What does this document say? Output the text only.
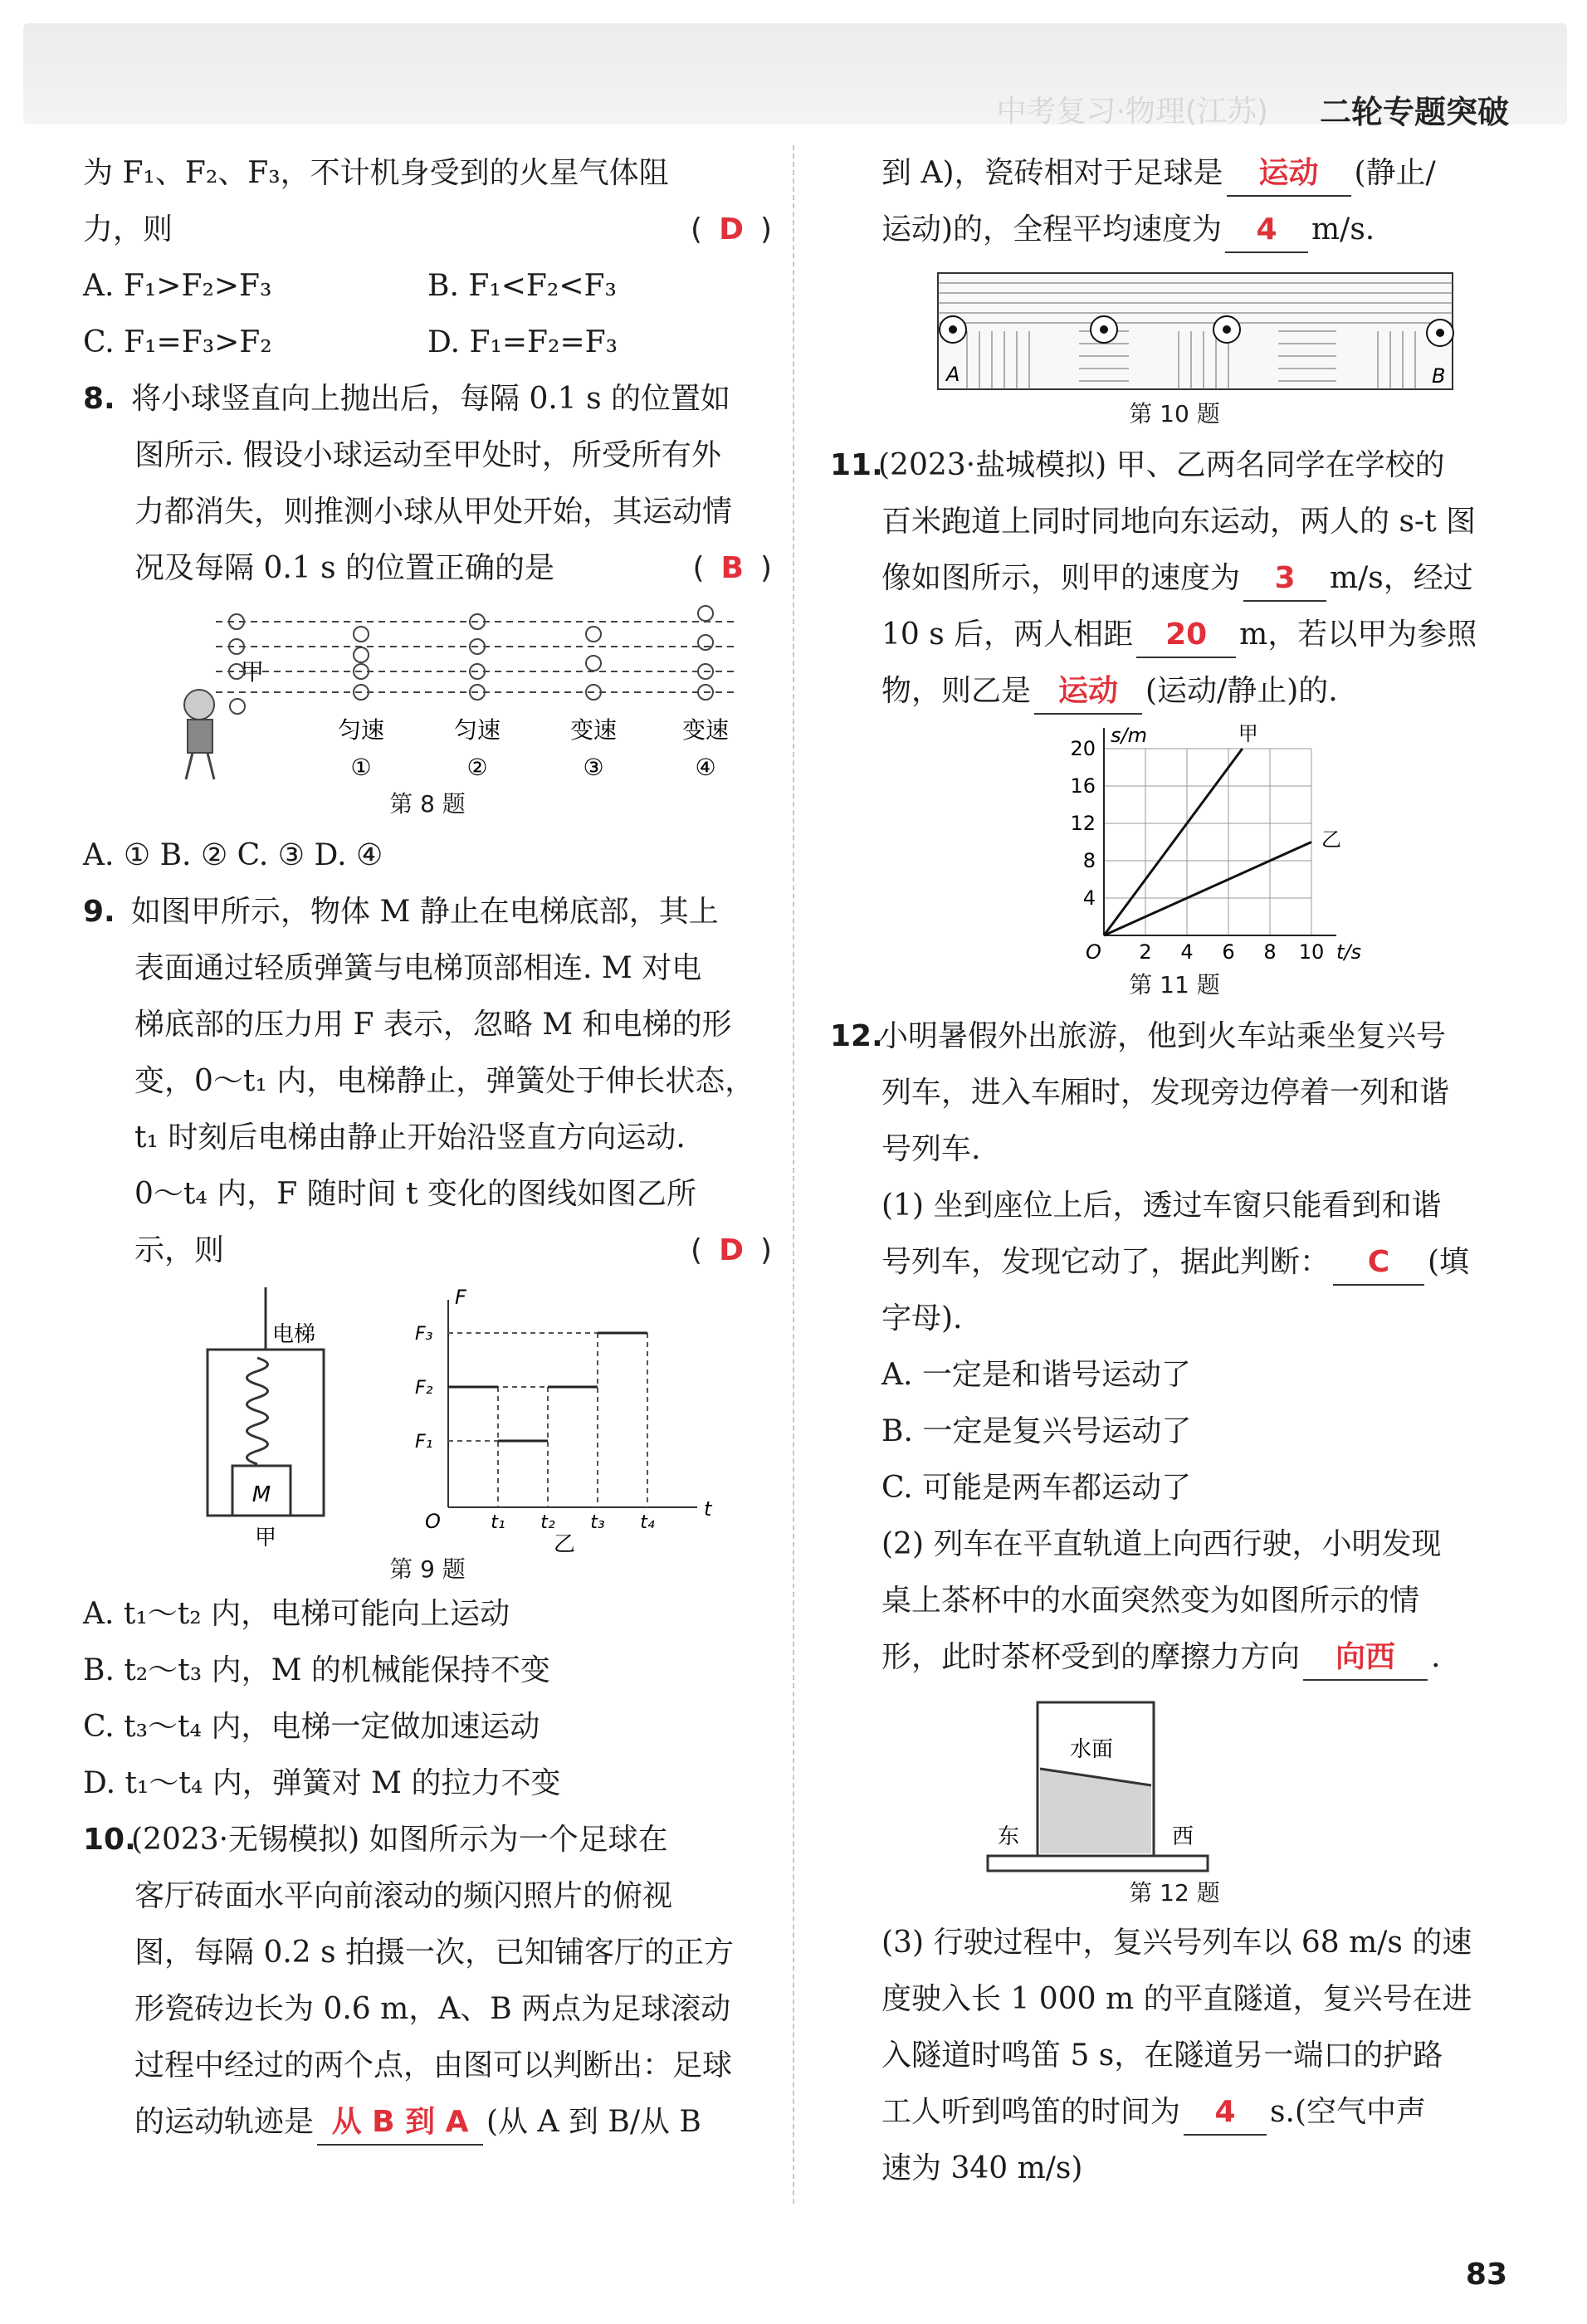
中考复习·物理(江苏) 二轮专题突破

为 F₁、F₂、F₃，不计机身受到的火星气体阻

力，则	( D )

A. F₁>F₂>F₃	B. F₁<F₂<F₃
C. F₁=F₃>F₂	D. F₁=F₂=F₃

8. 将小球竖直向上抛出后，每隔 0.1 s 的位置如

图所示. 假设小球运动至甲处时，所受所有外

力都消失，则推测小球从甲处开始，其运动情

况及每隔 0.1 s 的位置正确的是	( B )

甲
匀速	匀速	变速	变速
①	②	③	④
第 8 题

A. ① B. ② C. ③ D. ④

9. 如图甲所示，物体 M 静止在电梯底部，其上

表面通过轻质弹簧与电梯顶部相连. M 对电

梯底部的压力用 F 表示，忽略 M 和电梯的形

变，0～t₁ 内，电梯静止，弹簧处于伸长状态，

t₁ 时刻后电梯由静止开始沿竖直方向运动.

0～t₄ 内，F 随时间 t 变化的图线如图乙所

示，则	( D )

电梯
M
甲
F
t
O
F₃
F₂
F₁
t₁ t₂ t₃ t₄
乙
第 9 题

A. t₁～t₂ 内，电梯可能向上运动

B. t₂～t₃ 内，M 的机械能保持不变

C. t₃～t₄ 内，电梯一定做加速运动

D. t₁～t₄ 内，弹簧对 M 的拉力不变

10.(2023·无锡模拟) 如图所示为一个足球在

客厅砖面水平向前滚动的频闪照片的俯视

图，每隔 0.2 s 拍摄一次，已知铺客厅的正方

形瓷砖边长为 0.6 m，A、B 两点为足球滚动

过程中经过的两个点，由图可以判断出：足球

的运动轨迹是 从 B 到 A (从 A 到 B/从 B

到 A)，瓷砖相对于足球是 运动 (静止/

运动)的，全程平均速度为 4 m/s.

A	B
第 10 题

11.(2023·盐城模拟) 甲、乙两名同学在学校的

百米跑道上同时同地向东运动，两人的 s-t 图

像如图所示，则甲的速度为 3 m/s，经过

10 s 后，两人相距 20 m，若以甲为参照

物，则乙是 运动 (运动/静止)的.

2 4 6 8 10
4
8
12
16
20
O
s/m
t/s
甲
乙
第 11 题

12.小明暑假外出旅游，他到火车站乘坐复兴号

列车，进入车厢时，发现旁边停着一列和谐

号列车.

(1) 坐到座位上后，透过车窗只能看到和谐

号列车，发现它动了，据此判断： C (填

字母).

A. 一定是和谐号运动了

B. 一定是复兴号运动了

C. 可能是两车都运动了

(2) 列车在平直轨道上向西行驶，小明发现

桌上茶杯中的水面突然变为如图所示的情

形，此时茶杯受到的摩擦力方向 向西 .

水面
东	西
第 12 题

(3) 行驶过程中，复兴号列车以 68 m/s 的速

度驶入长 1 000 m 的平直隧道，复兴号在进

入隧道时鸣笛 5 s，在隧道另一端口的护路

工人听到鸣笛的时间为 4 s.(空气中声

速为 340 m/s)

83
